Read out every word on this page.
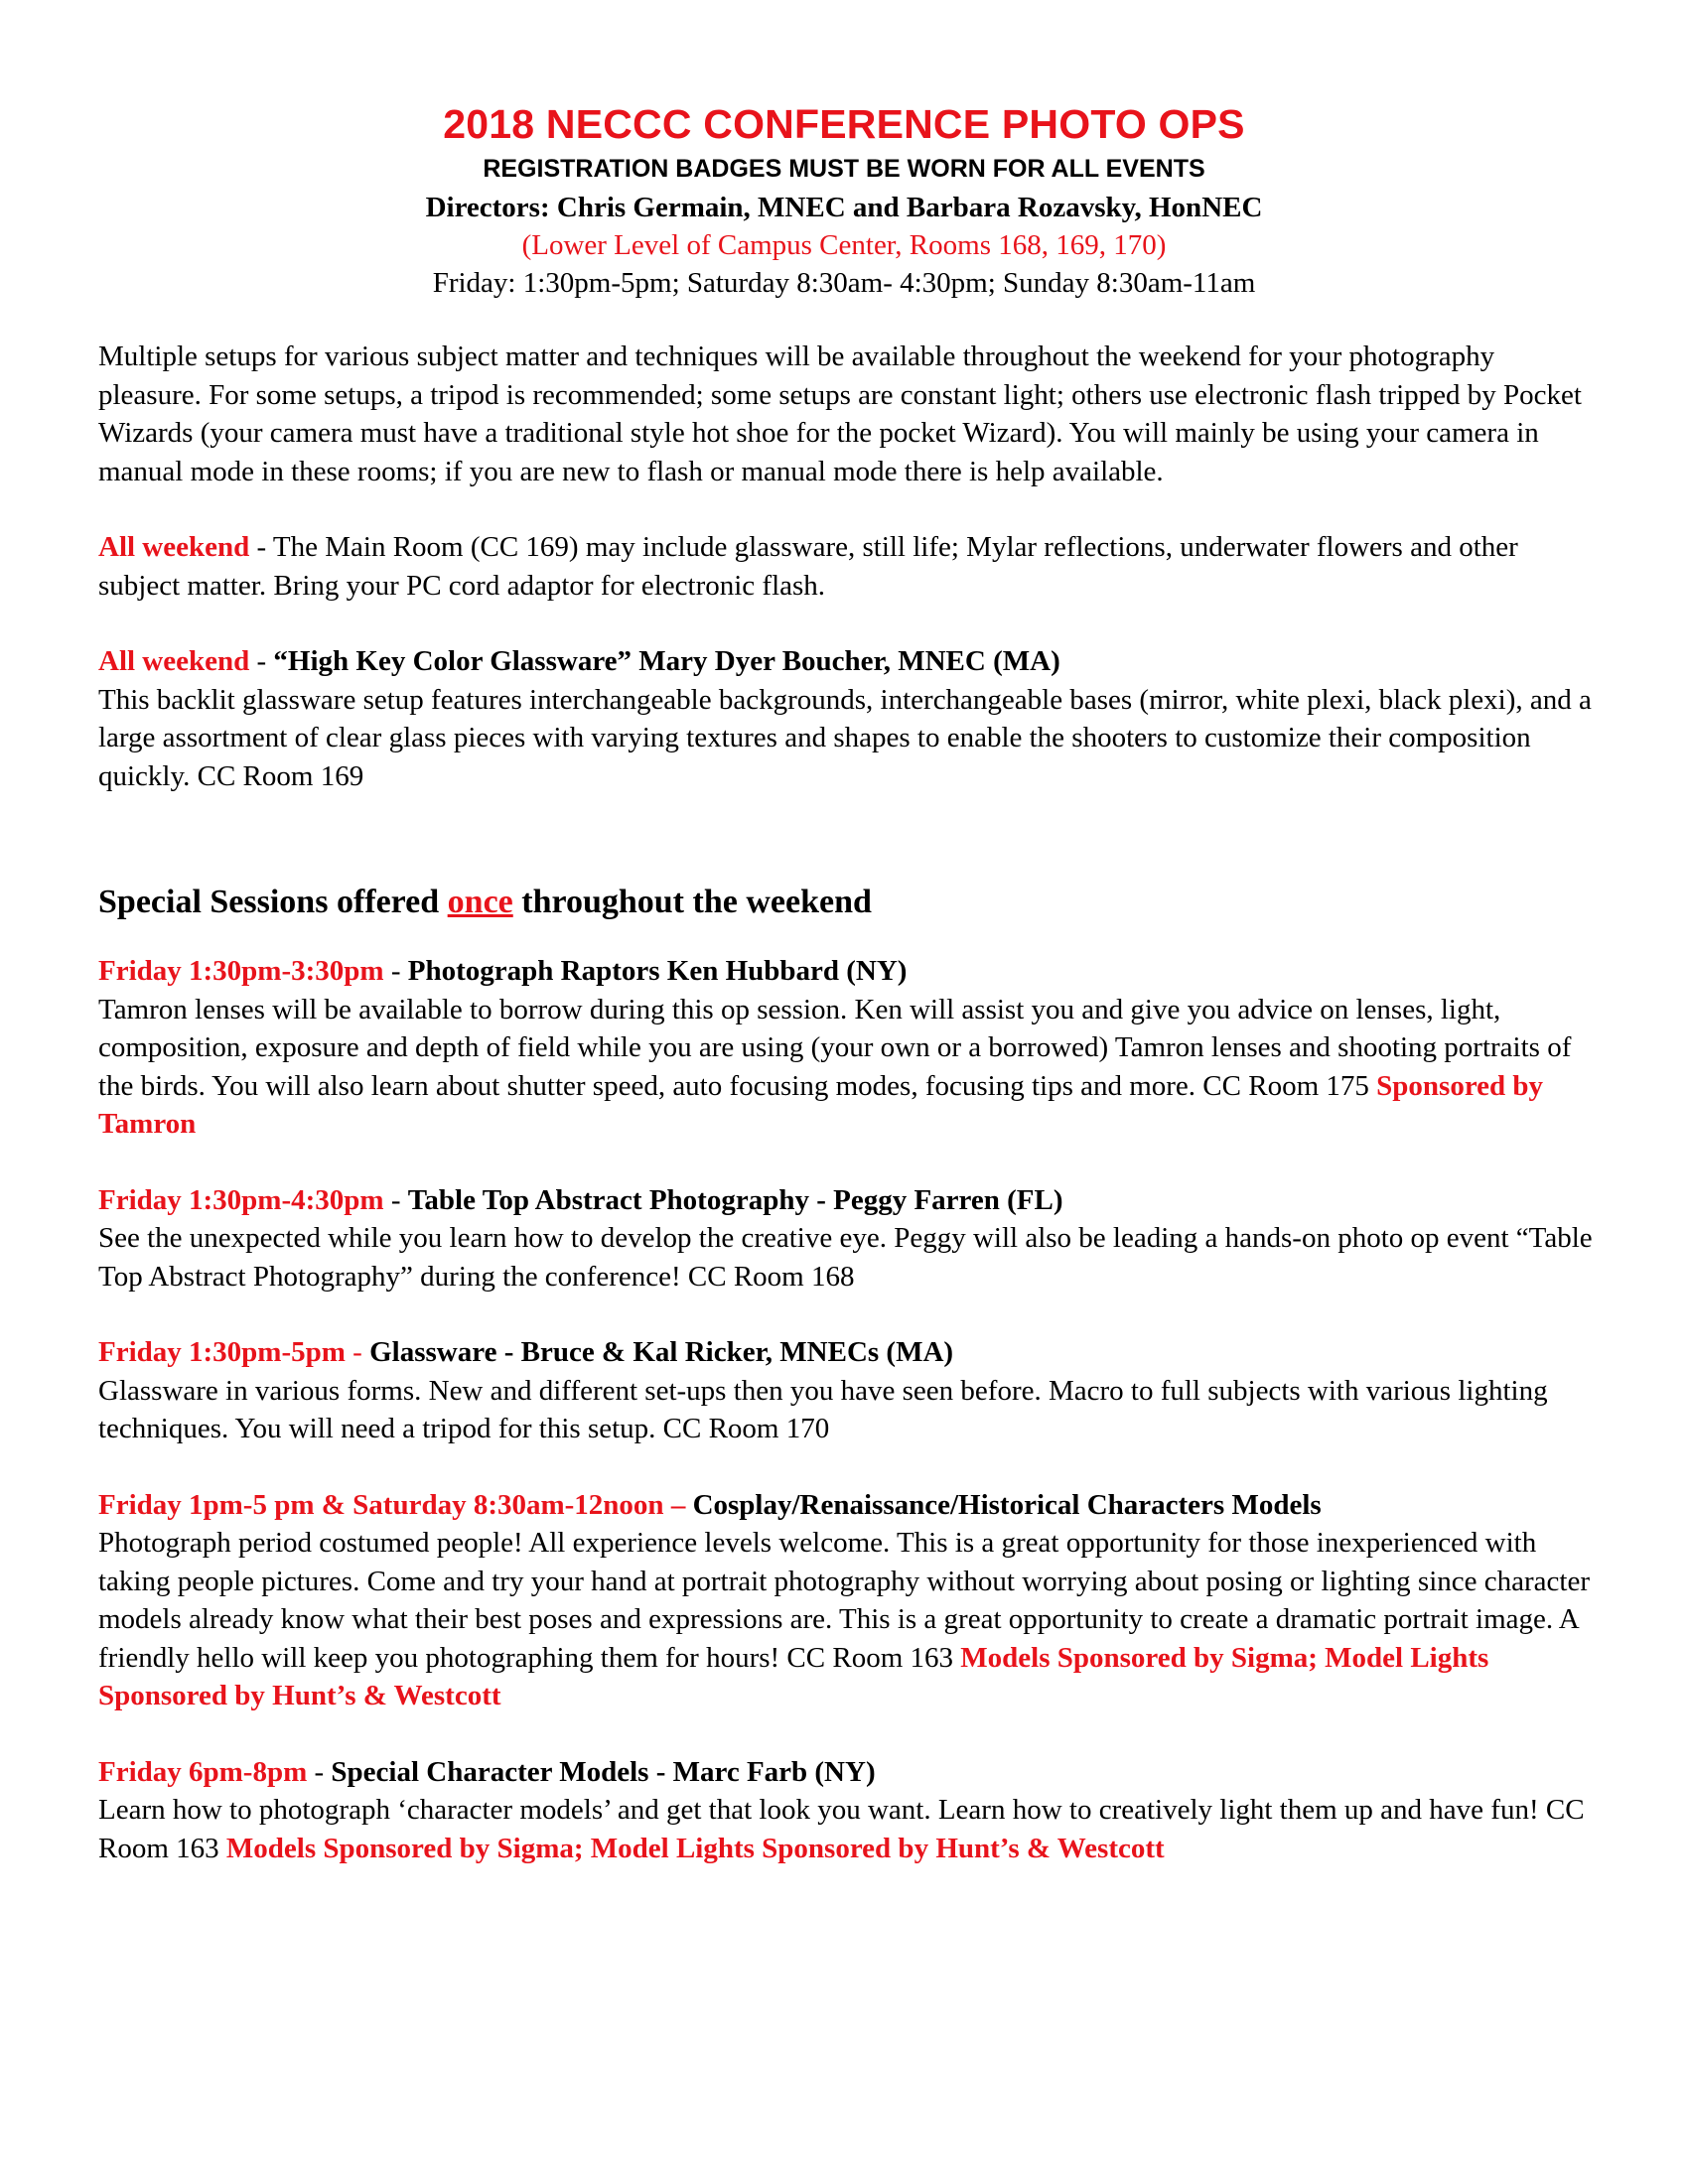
2018 NECCC CONFERENCE PHOTO OPS
REGISTRATION BADGES MUST BE WORN FOR ALL EVENTS
Directors: Chris Germain, MNEC and Barbara Rozavsky, HonNEC
(Lower Level of Campus Center, Rooms 168, 169, 170)
Friday: 1:30pm-5pm; Saturday 8:30am- 4:30pm; Sunday 8:30am-11am

Multiple setups for various subject matter and techniques will be available throughout the weekend for your photography pleasure. For some setups, a tripod is recommended; some setups are constant light; others use electronic flash tripped by Pocket Wizards (your camera must have a traditional style hot shoe for the pocket Wizard). You will mainly be using your camera in manual mode in these rooms; if you are new to flash or manual mode there is help available.

All weekend - The Main Room (CC 169) may include glassware, still life; Mylar reflections, underwater flowers and other subject matter. Bring your PC cord adaptor for electronic flash.

All weekend - “High Key Color Glassware” Mary Dyer Boucher, MNEC (MA)

This backlit glassware setup features interchangeable backgrounds, interchangeable bases (mirror, white plexi, black plexi), and a large assortment of clear glass pieces with varying textures and shapes to enable the shooters to customize their composition quickly. CC Room 169

Special Sessions offered once throughout the weekend

Friday 1:30pm-3:30pm - Photograph Raptors Ken Hubbard (NY)

Tamron lenses will be available to borrow during this op session. Ken will assist you and give you advice on lenses, light, composition, exposure and depth of field while you are using (your own or a borrowed) Tamron lenses and shooting portraits of the birds. You will also learn about shutter speed, auto focusing modes, focusing tips and more. CC Room 175 Sponsored by Tamron

Friday 1:30pm-4:30pm - Table Top Abstract Photography - Peggy Farren (FL)

See the unexpected while you learn how to develop the creative eye. Peggy will also be leading a hands-on photo op event “Table Top Abstract Photography” during the conference! CC Room 168

Friday 1:30pm-5pm - Glassware - Bruce & Kal Ricker, MNECs (MA)

Glassware in various forms. New and different set-ups then you have seen before. Macro to full subjects with various lighting techniques. You will need a tripod for this setup. CC Room 170

Friday 1pm-5 pm & Saturday 8:30am-12noon – Cosplay/Renaissance/Historical Characters Models

Photograph period costumed people! All experience levels welcome. This is a great opportunity for those inexperienced with taking people pictures. Come and try your hand at portrait photography without worrying about posing or lighting since character models already know what their best poses and expressions are. This is a great opportunity to create a dramatic portrait image. A friendly hello will keep you photographing them for hours! CC Room 163 Models Sponsored by Sigma; Model Lights Sponsored by Hunt’s & Westcott

Friday 6pm-8pm - Special Character Models - Marc Farb (NY)

Learn how to photograph ‘character models’ and get that look you want. Learn how to creatively light them up and have fun! CC Room 163 Models Sponsored by Sigma; Model Lights Sponsored by Hunt’s & Westcott
